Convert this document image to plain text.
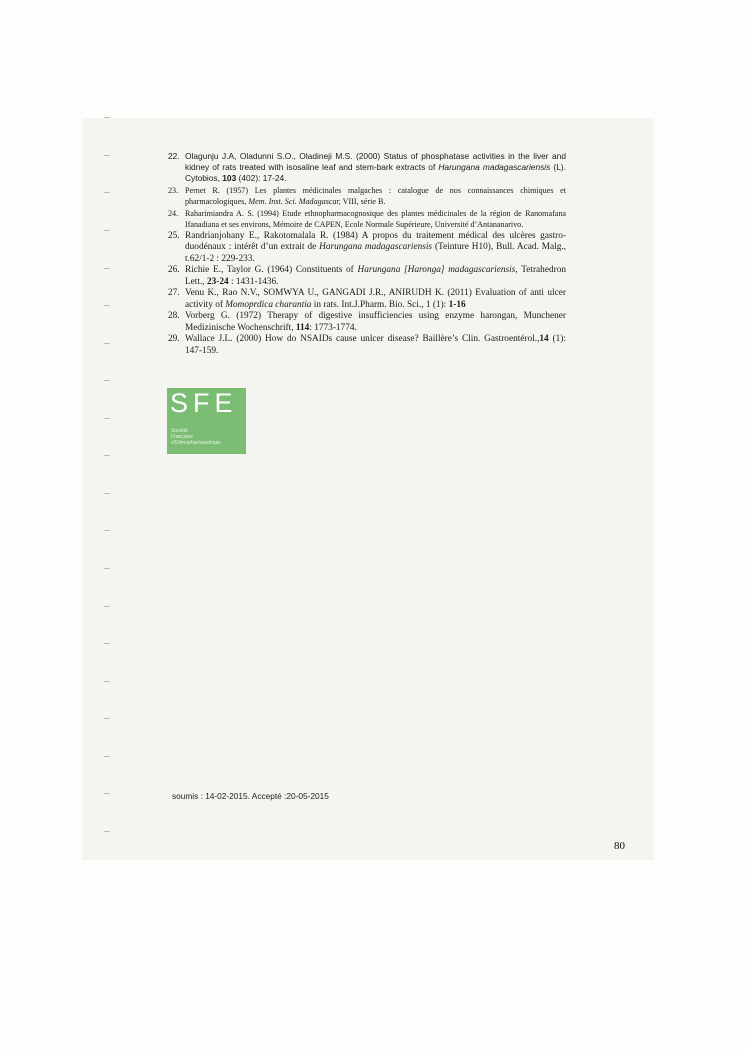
22. Olagunju J.A, Oladunni S.O., Oladineji M.S. (2000) Status of phosphatase activities in the liver and kidney of rats treated with isosaline leaf and stem-bark extracts of Harungana madagascariensis (L). Cytobios, 103 (402): 17-24.
23. Pernet R. (1957) Les plantes médicinales malgaches : catalogue de nos connaissances chimiques et pharmacologiques, Mem. Inst. Sci. Madagascar, VIII, série B.
24. Raharimiandra A. S. (1994) Etude ethnopharmacognosique des plantes médicinales de la région de Ranomafana Ifanadiana et ses environs, Mémoire de CAPEN, Ecole Normale Supérieure, Université d’Antananarivo.
25. Randrianjohany E., Rakotomalala R. (1984) A propos du traitement médical des ulcères gastro-duodénaux : intérêt d’un extrait de Harungana madagascariensis (Teinture H10), Bull. Acad. Malg., t.62/1-2 : 229-233.
26. Richie E., Taylor G. (1964) Constituents of Harungana [Haronga] madagascariensis, Tetrahedron Lett., 23-24 : 1431-1436.
27. Venu K., Rao N.V., SOMWYA U., GANGADI J.R., ANIRUDH K. (2011) Evaluation of anti ulcer activity of Momoprdica charantia in rats. Int.J.Pharm. Bio. Sci., 1 (1): 1-16
28. Vorberg G. (1972) Therapy of digestive insufficiencies using enzyme harongan, Munchener Medizinische Wochenschrift, 114: 1773-1774.
29. Wallace J.L. (2000) How do NSAIDs cause unlcer disease? Baillère’s Clin. Gastroentérol.,14 (1): 147-159.
SFE
Société
Française
d’Ethnopharmacologie
soumis : 14-02-2015. Accepté :20-05-2015
80
